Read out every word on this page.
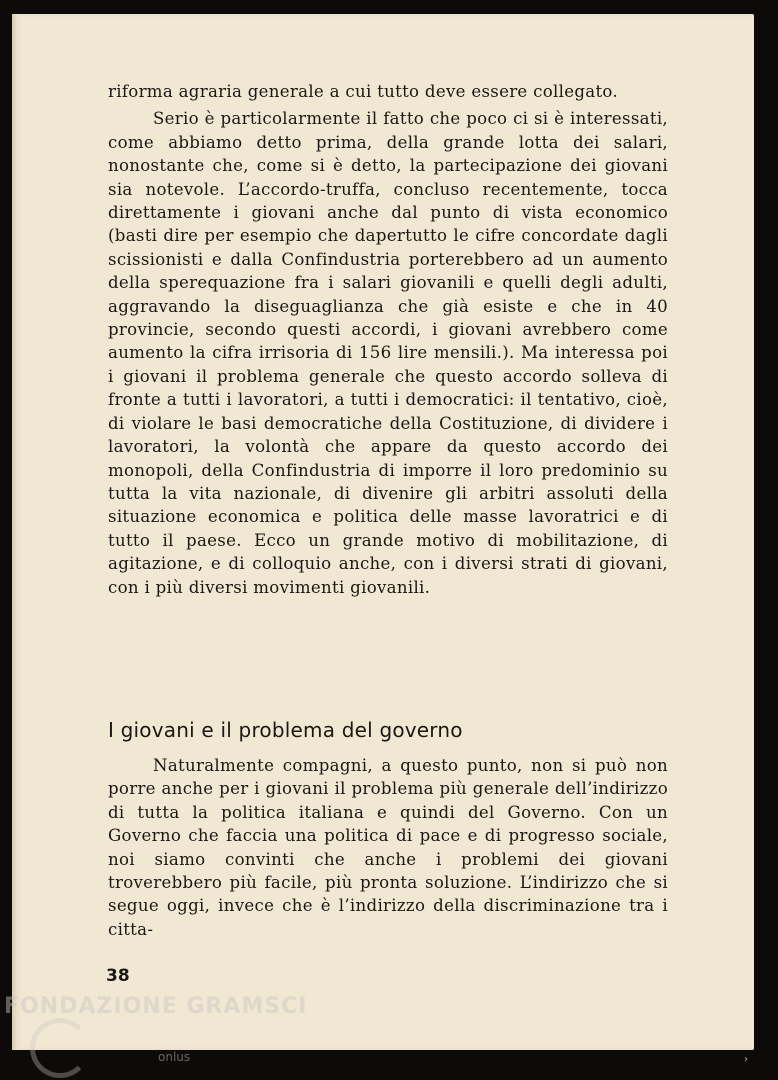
riforma agraria generale a cui tutto deve essere collegato.

Serio è particolarmente il fatto che poco ci si è interessati, come abbiamo detto prima, della grande lotta dei salari, nonostante che, come si è detto, la partecipazione dei giovani sia notevole. L’accordo-truffa, concluso recentemente, tocca direttamente i giovani anche dal punto di vista economico (basti dire per esempio che dapertutto le cifre concordate dagli scissionisti e dalla Confindustria porterebbero ad un aumento della sperequazione fra i salari giovanili e quelli degli adulti, aggravando la diseguaglianza che già esiste e che in 40 provincie, secondo questi accordi, i giovani avrebbero come aumento la cifra irrisoria di 156 lire mensili.). Ma interessa poi i giovani il problema generale che questo accordo solleva di fronte a tutti i lavoratori, a tutti i democratici: il tentativo, cioè, di violare le basi democratiche della Costituzione, di dividere i lavoratori, la volontà che appare da questo accordo dei monopoli, della Confindustria di imporre il loro predominio su tutta la vita nazionale, di divenire gli arbitri assoluti della situazione economica e politica delle masse lavoratrici e di tutto il paese. Ecco un grande motivo di mobilitazione, di agitazione, e di colloquio anche, con i diversi strati di giovani, con i più diversi movimenti giovanili.

I giovani e il problema del governo

Naturalmente compagni, a questo punto, non si può non porre anche per i giovani il problema più generale dell’indirizzo di tutta la politica italiana e quindi del Governo. Con un Governo che faccia una politica di pace e di progresso sociale, noi siamo convinti che anche i problemi dei giovani troverebbero più facile, più pronta soluzione. L’indirizzo che si segue oggi, invece che è l’indirizzo della discriminazione tra i citta-

38
FONDAZIONE GRAMSCI
onlus	›
